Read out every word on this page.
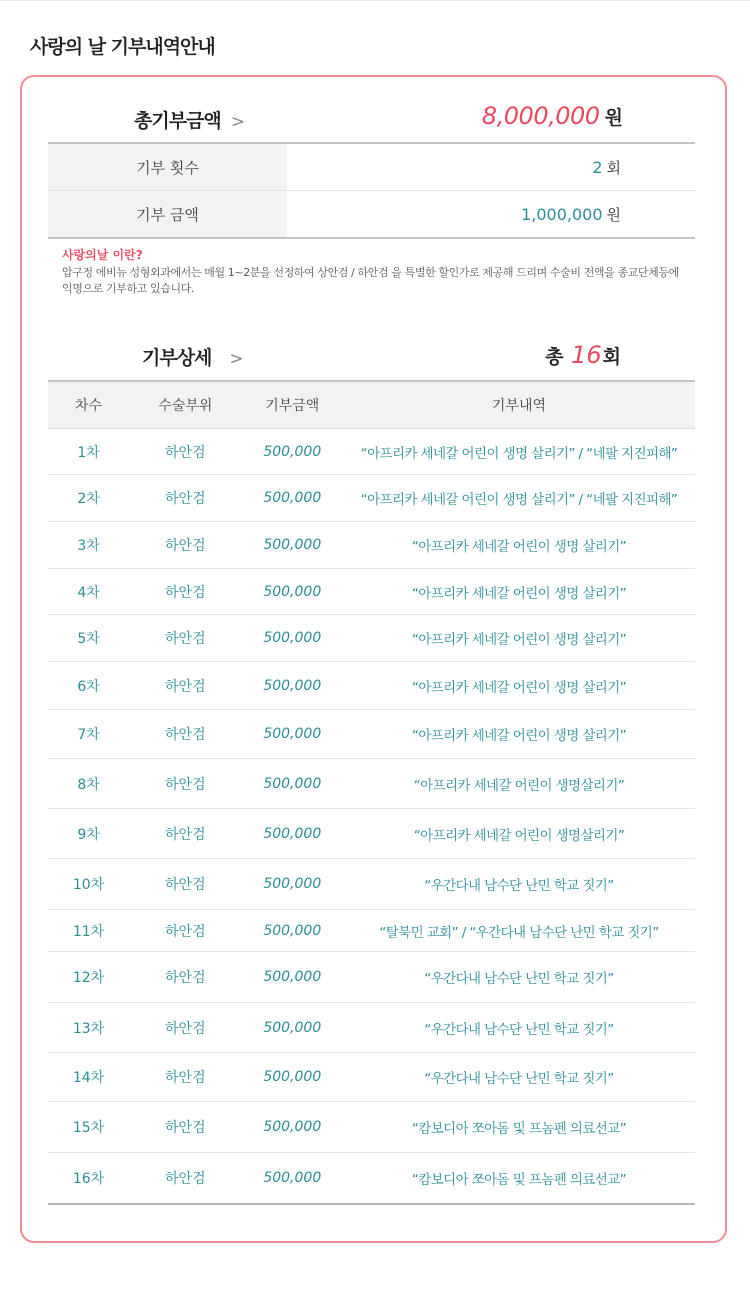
사랑의 날 기부내역안내
총기부금액 >	8,000,000 원
기부 횟수	2 회
기부 금액	1,000,000 원

사랑의날 이란?

압구정 에비뉴 성형외과에서는 매월 1~2분을 선정하여 상안검 / 하안검 을 특별한 할인가로 제공해 드리며 수술비 전액을 종교단체등에 익명으로 기부하고 있습니다.

기부상세 >	총 16회
차수	수술부위	기부금액	기부내역
1차	하안검	500,000	“아프리카 세네갈 어린이 생명 살리기” / “네팔 지진피해”
2차	하안검	500,000	“아프리카 세네갈 어린이 생명 살리기” / “네팔 지진피해”
3차	하안검	500,000	“아프리카 세네갈 어린이 생명 살리기”
4차	하안검	500,000	“아프리카 세네갈 어린이 생명 살리기”
5차	하안검	500,000	“아프리카 세네갈 어린이 생명 살리기”
6차	하안검	500,000	“아프리카 세네갈 어린이 생명 살리기”
7차	하안검	500,000	“아프리카 세네갈 어린이 생명 살리기”
8차	하안검	500,000	“아프리카 세네갈 어린이 생명살리기”
9차	하안검	500,000	“아프리카 세네갈 어린이 생명살리기”
10차	하안검	500,000	“우간다내 남수단 난민 학교 짓기”
11차	하안검	500,000	“탈북민 교회” / “우간다내 남수단 난민 학교 짓기”
12차	하안검	500,000	“우간다내 남수단 난민 학교 짓기”
13차	하안검	500,000	“우간다내 남수단 난민 학교 짓기”
14차	하안검	500,000	“우간다내 남수단 난민 학교 짓기”
15차	하안검	500,000	“캄보디아 쪼아돔 및 프놈펜 의료선교”
16차	하안검	500,000	“캄보디아 쪼아돔 및 프놈펜 의료선교”
